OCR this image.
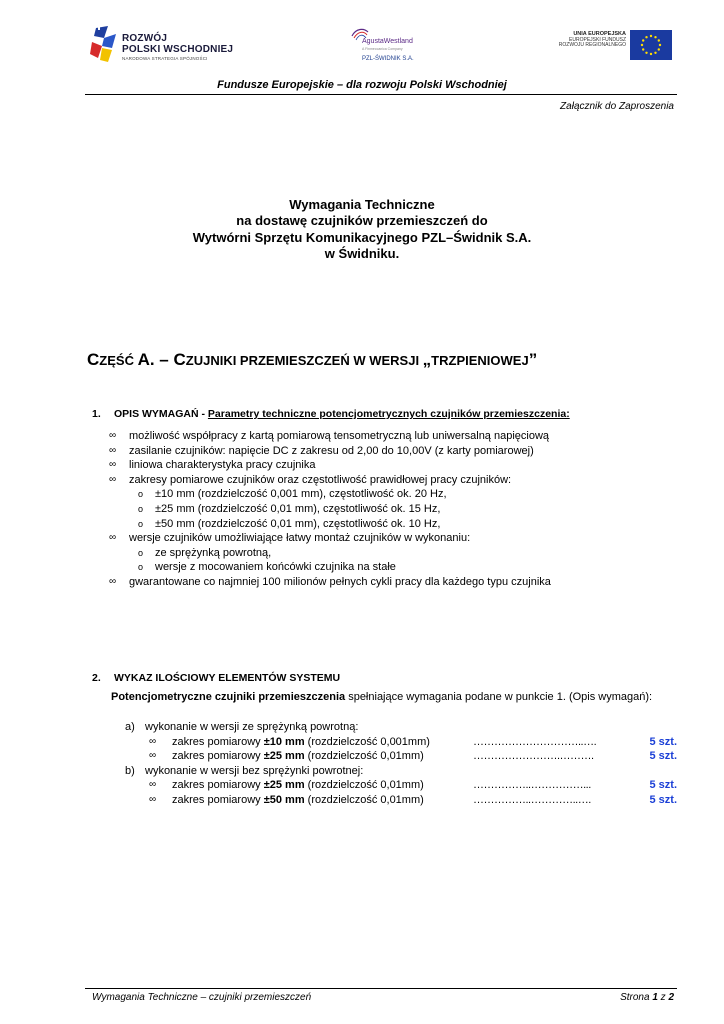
ROZWÓJ
POLSKI WSCHODNIEJ
NARODOWA STRATEGIA SPÓJNOŚCI
AgustaWestland
A Finmeccanica Company
PZL-ŚWIDNIK S.A.
UNIA EUROPEJSKA
EUROPEJSKI FUNDUSZ
ROZWOJU REGIONALNEGO
Fundusze Europejskie – dla rozwoju Polski Wschodniej
Załącznik do Zaproszenia
Wymagania Techniczne
na dostawę czujników przemieszczeń do
Wytwórni Sprzętu Komunikacyjnego PZL–Świdnik S.A.
w Świdniku.
CZĘŚĆ A. – CZUJNIKI PRZEMIESZCZEŃ W WERSJI „TRZPIENIOWEJ”
1. OPIS WYMAGAŃ - Parametry techniczne potencjometrycznych czujników przemieszczenia:
∞ możliwość współpracy z kartą pomiarową tensometryczną lub uniwersalną napięciową
∞ zasilanie czujników: napięcie DC z zakresu od 2,00 do 10,00V (z karty pomiarowej)
∞ liniowa charakterystyka pracy czujnika
∞ zakresy pomiarowe czujników oraz częstotliwość prawidłowej pracy czujników:
o ±10 mm (rozdzielczość 0,001 mm), częstotliwość ok. 20 Hz,
o ±25 mm (rozdzielczość 0,01 mm), częstotliwość ok. 15 Hz,
o ±50 mm (rozdzielczość 0,01 mm), częstotliwość ok. 10 Hz,
∞ wersje czujników umożliwiające łatwy montaż czujników w wykonaniu:
o ze sprężynką powrotną,
o wersje z mocowaniem końcówki czujnika na stałe
∞ gwarantowane co najmniej 100 milionów pełnych cykli pracy dla każdego typu czujnika
2. WYKAZ ILOŚCIOWY ELEMENTÓW SYSTEMU
Potencjometryczne czujniki przemieszczenia spełniające wymagania podane w punkcie 1. (Opis wymagań):
a) wykonanie w wersji ze sprężynką powrotną:
∞ zakres pomiarowy ±10 mm (rozdzielczość 0,001mm)	…………………………..….	5 szt.
∞ zakres pomiarowy ±25 mm (rozdzielczość 0,01mm)	…………………….……….	5 szt.
b) wykonanie w wersji bez sprężynki powrotnej:
∞ zakres pomiarowy ±25 mm (rozdzielczość 0,01mm)	……………..……………...	5 szt.
∞ zakres pomiarowy ±50 mm (rozdzielczość 0,01mm)	……………..…………..….	5 szt.
Wymagania Techniczne – czujniki przemieszczeń	Strona 1 z 2
